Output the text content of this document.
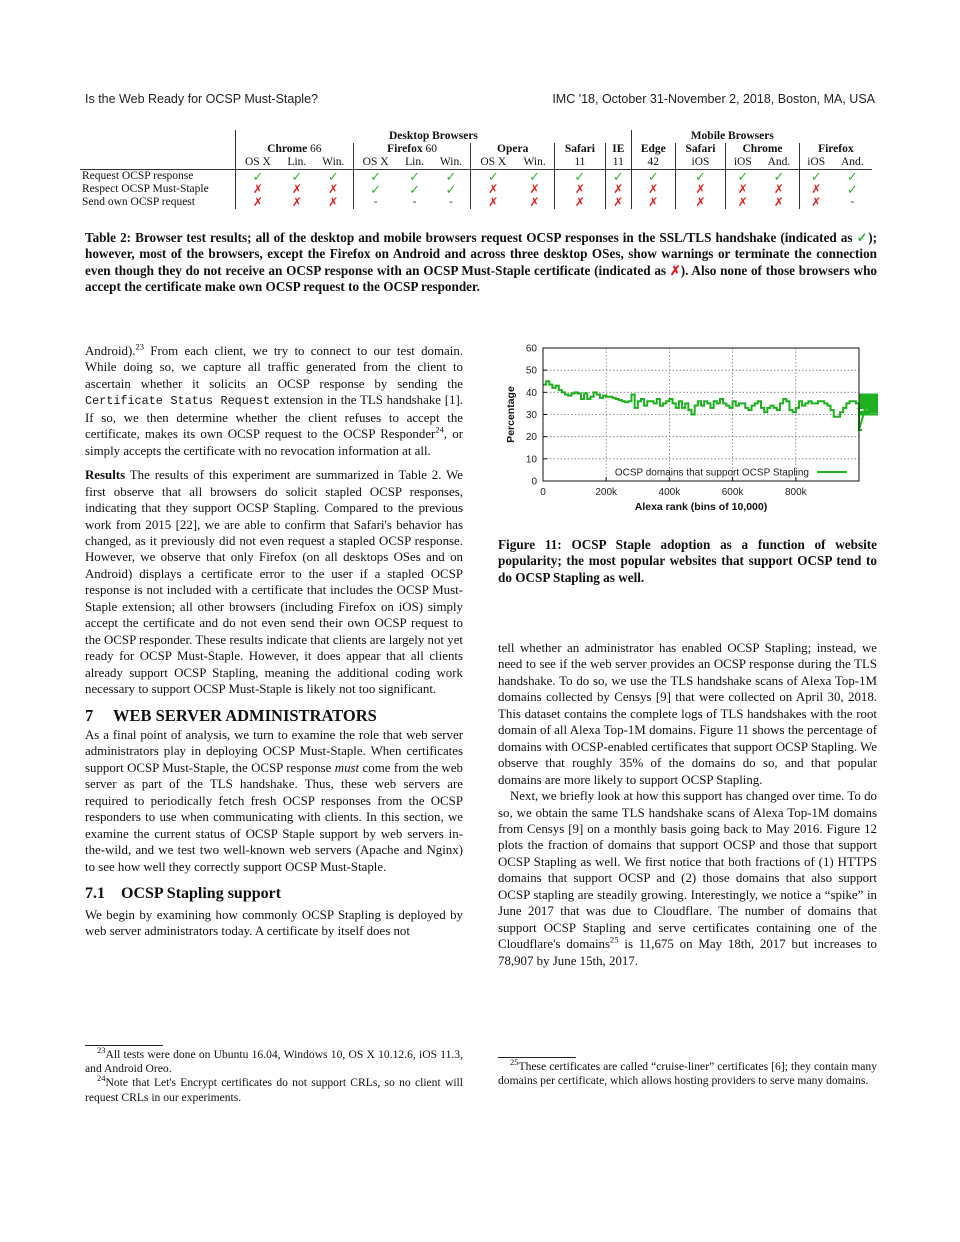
Is the Web Ready for OCSP Must-Staple?	IMC '18, October 31-November 2, 2018, Boston, MA, USA
	Desktop Browsers										Mobile Browsers					
	Chrome 66			Firefox 60			Opera		Safari	IE	Edge	Safari	Chrome		Firefox	
	OS X	Lin.	Win.	OS X	Lin.	Win.	OS X	Win.	11	11	42	iOS	iOS	And.	iOS	And.
Request OCSP response	✓	✓	✓	✓	✓	✓	✓	✓	✓	✓	✓	✓	✓	✓	✓	✓
Respect OCSP Must-Staple	✗	✗	✗	✓	✓	✓	✗	✗	✗	✗	✗	✗	✗	✗	✗	✓
Send own OCSP request	✗	✗	✗	-	-	-	✗	✗	✗	✗	✗	✗	✗	✗	✗	-
Table 2: Browser test results; all of the desktop and mobile browsers request OCSP responses in the SSL/TLS handshake (indicated as ✓); however, most of the browsers, except the Firefox on Android and across three desktop OSes, show warnings or terminate the connection even though they do not receive an OCSP response with an OCSP Must-Staple certificate (indicated as ✗). Also none of those browsers who accept the certificate make own OCSP request to the OCSP responder.

Android).$^{23}$ From each client, we try to connect to our test domain. While doing so, we capture all traffic generated from the client to ascertain whether it solicits an OCSP response by sending the Certificate Status Request extension in the TLS handshake [1]. If so, we then determine whether the client refuses to accept the certificate, makes its own OCSP request to the OCSP Responder$^{24}$, or simply accepts the certificate with no revocation information at all.

Results The results of this experiment are summarized in Table 2. We first observe that all browsers do solicit stapled OCSP responses, indicating that they support OCSP Stapling. Compared to the previous work from 2015 [22], we are able to confirm that Safari's behavior has changed, as it previously did not even request a stapled OCSP response. However, we observe that only Firefox (on all desktops OSes and on Android) displays a certificate error to the user if a stapled OCSP response is not included with a certificate that includes the OCSP Must-Staple extension; all other browsers (including Firefox on iOS) simply accept the certificate and do not even send their own OCSP request to the OCSP responder. These results indicate that clients are largely not yet ready for OCSP Must-Staple. However, it does appear that all clients already support OCSP Stapling, meaning the additional coding work necessary to support OCSP Must-Staple is likely not too significant.

7 WEB SERVER ADMINISTRATORS

As a final point of analysis, we turn to examine the role that web server administrators play in deploying OCSP Must-Staple. When certificates support OCSP Must-Staple, the OCSP response must come from the web server as part of the TLS handshake. Thus, these web servers are required to periodically fetch fresh OCSP responses from the OCSP responders to use when communicating with clients. In this section, we examine the current status of OCSP Staple support by web servers in-the-wild, and we test two well-known web servers (Apache and Nginx) to see how well they correctly support OCSP Must-Staple.

7.1 OCSP Stapling support

We begin by examining how commonly OCSP Stapling is deployed by web server administrators today. A certificate by itself does not

$^{23}$All tests were done on Ubuntu 16.04, Windows 10, OS X 10.12.6, iOS 11.3, and Android Oreo.
$^{24}$Note that Let's Encrypt certificates do not support CRLs, so no client will request CRLs in our experiments.
0
10
20
30
40
50
60
0	200k	400k	600k	800k
Alexa rank (bins of 10,000)
Percentage
OCSP domains that support OCSP Stapling
Figure 11: OCSP Staple adoption as a function of website popularity; the most popular websites that support OCSP tend to do OCSP Stapling as well.

tell whether an administrator has enabled OCSP Stapling; instead, we need to see if the web server provides an OCSP response during the TLS handshake. To do so, we use the TLS handshake scans of Alexa Top-1M domains collected by Censys [9] that were collected on April 30, 2018. This dataset contains the complete logs of TLS handshakes with the root domain of all Alexa Top-1M domains. Figure 11 shows the percentage of domains with OCSP-enabled certificates that support OCSP Stapling. We observe that roughly 35% of the domains do so, and that popular domains are more likely to support OCSP Stapling.

Next, we briefly look at how this support has changed over time. To do so, we obtain the same TLS handshake scans of Alexa Top-1M domains from Censys [9] on a monthly basis going back to May 2016. Figure 12 plots the fraction of domains that support OCSP and those that support OCSP Stapling as well. We first notice that both fractions of (1) HTTPS domains that support OCSP and (2) those domains that also support OCSP stapling are steadily growing. Interestingly, we notice a “spike” in June 2017 that was due to Cloudflare. The number of domains that support OCSP Stapling and serve certificates containing one of the Cloudflare's domains$^{25}$ is 11,675 on May 18th, 2017 but increases to 78,907 by June 15th, 2017.

$^{25}$These certificates are called “cruise-liner” certificates [6]; they contain many domains per certificate, which allows hosting providers to serve many domains.
